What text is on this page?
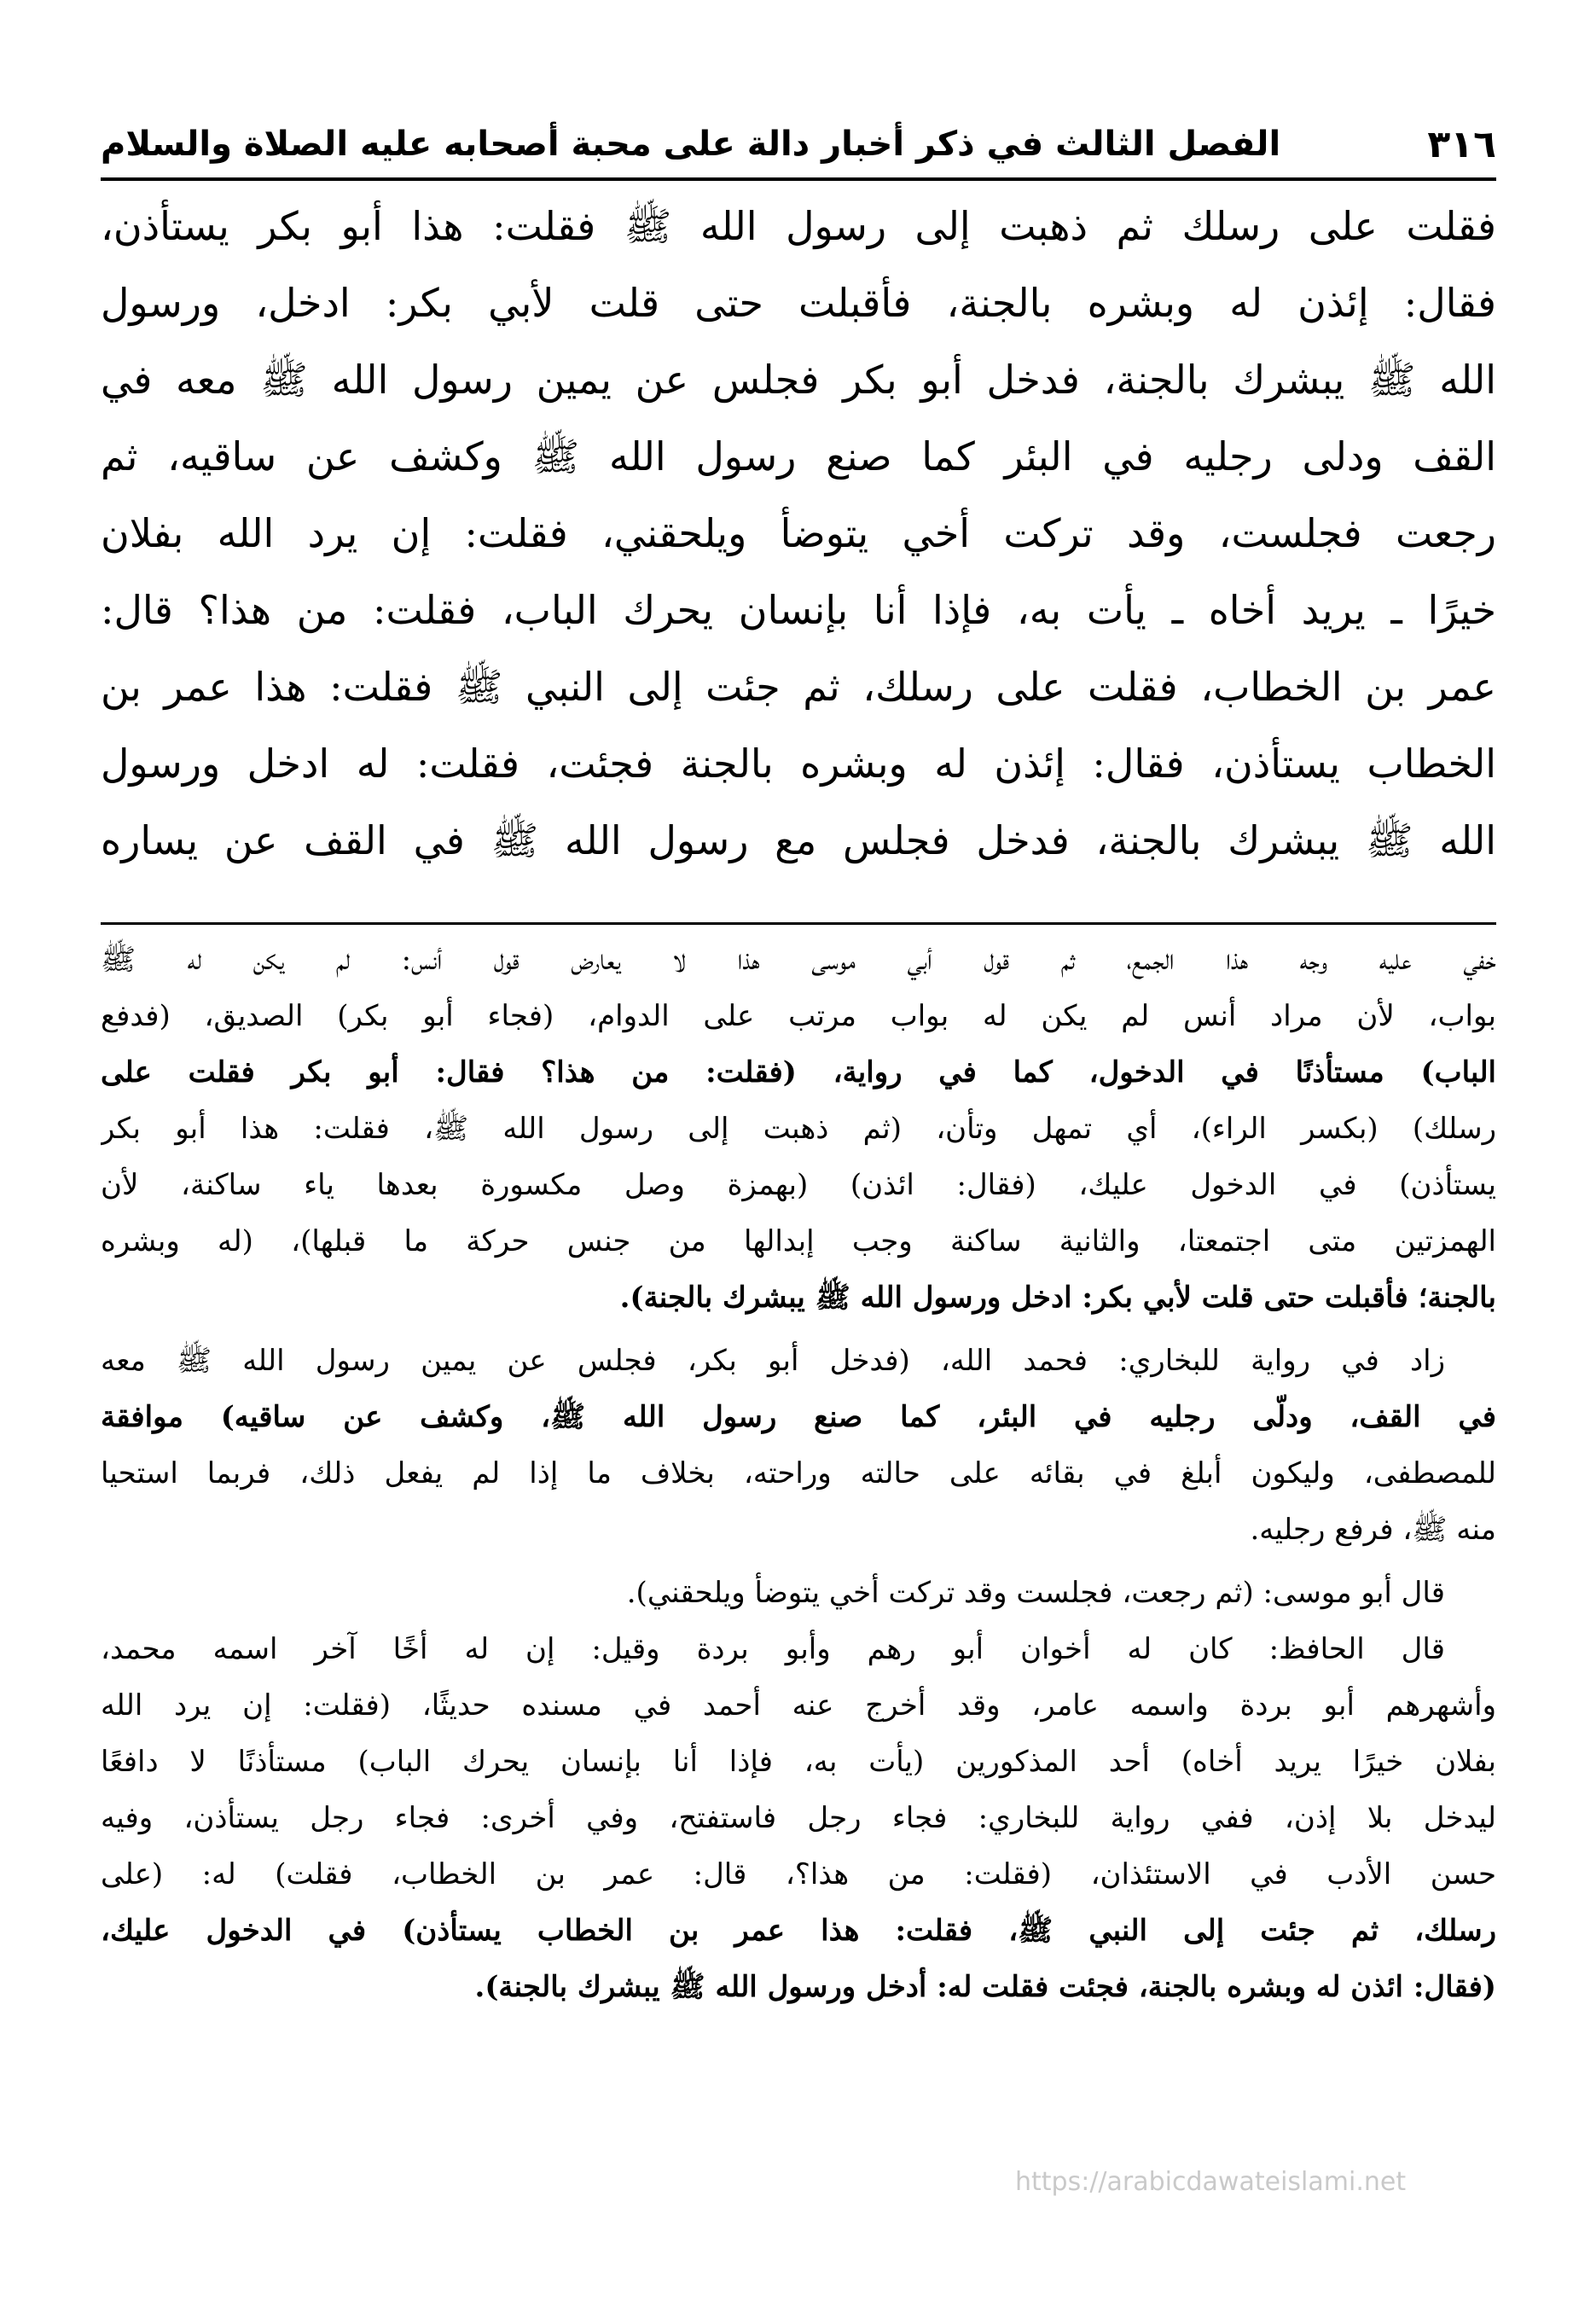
٣١٦
الفصل الثالث في ذكر أخبار دالة على محبة أصحابه عليه الصلاة والسلام
فقلت على رسلك ثم ذهبت إلى رسول الله ﷺ فقلت: هذا أبو بكر يستأذن،
فقال: إئذن له وبشره بالجنة، فأقبلت حتى قلت لأبي بكر: ادخل، ورسول
الله ﷺ يبشرك بالجنة، فدخل أبو بكر فجلس عن يمين رسول الله ﷺ معه في
القف ودلى رجليه في البئر كما صنع رسول الله ﷺ وكشف عن ساقيه، ثم
رجعت فجلست، وقد تركت أخي يتوضأ ويلحقني، فقلت: إن يرد الله بفلان
خيرًا ـ يريد أخاه ـ يأت به، فإذا أنا بإنسان يحرك الباب، فقلت: من هذا؟ قال:
عمر بن الخطاب، فقلت على رسلك، ثم جئت إلى النبي ﷺ فقلت: هذا عمر بن
الخطاب يستأذن، فقال: إئذن له وبشره بالجنة فجئت، فقلت: له ادخل ورسول
الله ﷺ يبشرك بالجنة، فدخل فجلس مع رسول الله ﷺ في القف عن يساره
خفي عليه وجه هذا الجمع، ثم قول أبي موسى هذا لا يعارض قول أنس: لم يكن له ﷺ
بواب، لأن مراد أنس لم يكن له بواب مرتب على الدوام، (فجاء أبو بكر) الصديق، (فدفع
الباب) مستأذنًا في الدخول، كما في رواية، (فقلت: من هذا؟ فقال: أبو بكر فقلت على
رسلك) (بكسر الراء)، أي تمهل وتأن، (ثم ذهبت إلى رسول الله ﷺ، فقلت: هذا أبو بكر
يستأذن) في الدخول عليك، (فقال: ائذن) (بهمزة وصل مكسورة بعدها ياء ساكنة، لأن
الهمزتين متى اجتمعتا، والثانية ساكنة وجب إبدالها من جنس حركة ما قبلها)، (له وبشره
بالجنة؛ فأقبلت حتى قلت لأبي بكر: ادخل ورسول الله ﷺ يبشرك بالجنة).
زاد في رواية للبخاري: فحمد الله، (فدخل أبو بكر، فجلس عن يمين رسول الله ﷺ معه
في القف، ودلّى رجليه في البئر، كما صنع رسول الله ﷺ، وكشف عن ساقيه) موافقة
للمصطفى، وليكون أبلغ في بقائه على حالته وراحته، بخلاف ما إذا لم يفعل ذلك، فربما استحيا
منه ﷺ، فرفع رجليه.
قال أبو موسى: (ثم رجعت، فجلست وقد تركت أخي يتوضأ ويلحقني).
قال الحافظ: كان له أخوان أبو رهم وأبو بردة وقيل: إن له أخًا آخر اسمه محمد،
وأشهرهم أبو بردة واسمه عامر، وقد أخرج عنه أحمد في مسنده حديثًا، (فقلت: إن يرد الله
بفلان خيرًا يريد أخاه) أحد المذكورين (يأت به، فإذا أنا بإنسان يحرك الباب) مستأذنًا لا دافعًا
ليدخل بلا إذن، ففي رواية للبخاري: فجاء رجل فاستفتح، وفي أخرى: فجاء رجل يستأذن، وفيه
حسن الأدب في الاستئذان، (فقلت: من هذا؟، قال: عمر بن الخطاب، فقلت) له: (على
رسلك، ثم جئت إلى النبي ﷺ، فقلت: هذا عمر بن الخطاب يستأذن) في الدخول عليك،
(فقال: ائذن له وبشره بالجنة، فجئت فقلت له: أدخل ورسول الله ﷺ يبشرك بالجنة).
https://arabicdawateislami.net
